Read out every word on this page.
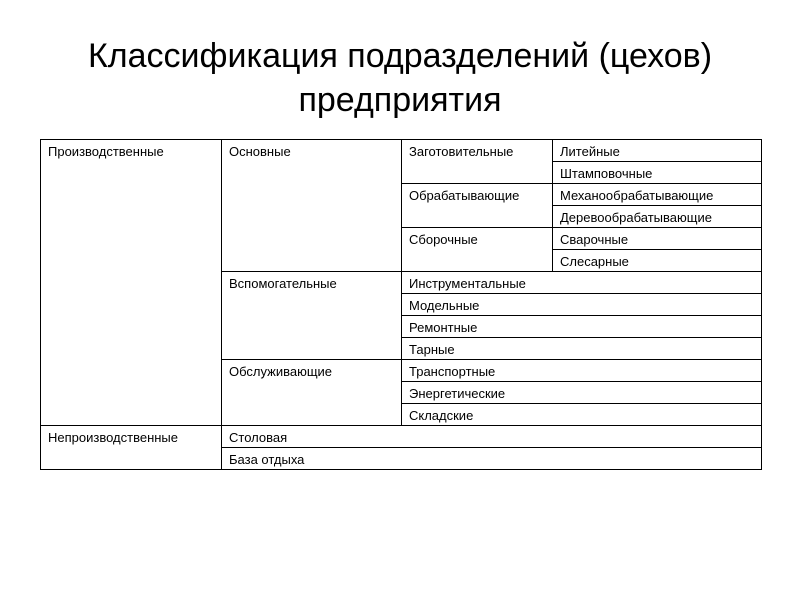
Классификация подразделений (цехов)
предприятия
Производственные	Основные	Заготовительные	Литейные
			Штамповочные
		Обрабатывающие	Механообрабатывающие
			Деревообрабатывающие
		Сборочные	Сварочные
			Слесарные
	Вспомогательные	Инструментальные	
		Модельные	
		Ремонтные	
		Тарные	
	Обслуживающие	Транспортные	
		Энергетические	
		Складские	
Непроизводственные	Столовая		
	База отдыха		
